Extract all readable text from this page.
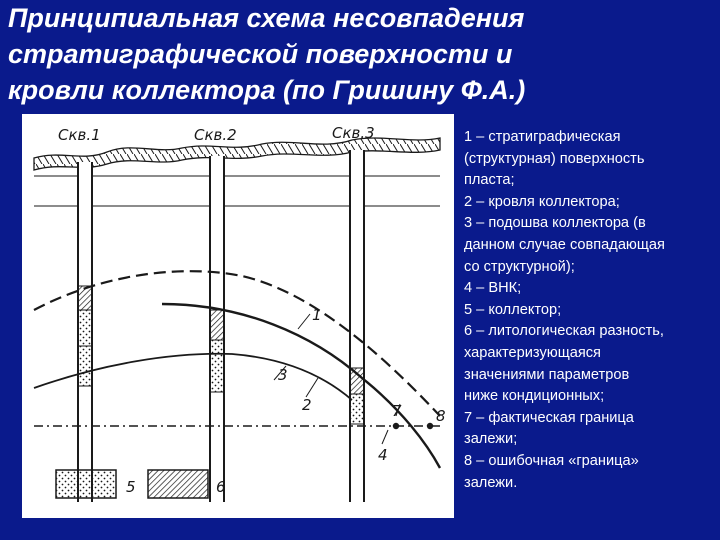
Принципиальная схема несовпадения
стратиграфической поверхности и
кровли коллектора (по Гришину Ф.А.)
Скв.1	Скв.2	Скв.3
1
2
3
4
7 8
5	6
1 – стратиграфическая
(структурная) поверхность
пласта;
2 – кровля коллектора;
3 – подошва коллектора (в
данном случае совпадающая
со структурной);
4 – ВНК;
5 – коллектор;
6 – литологическая разность,
характеризующаяся
значениями параметров
ниже кондиционных;
7 – фактическая граница
залежи;
8 – ошибочная «граница»
залежи.
